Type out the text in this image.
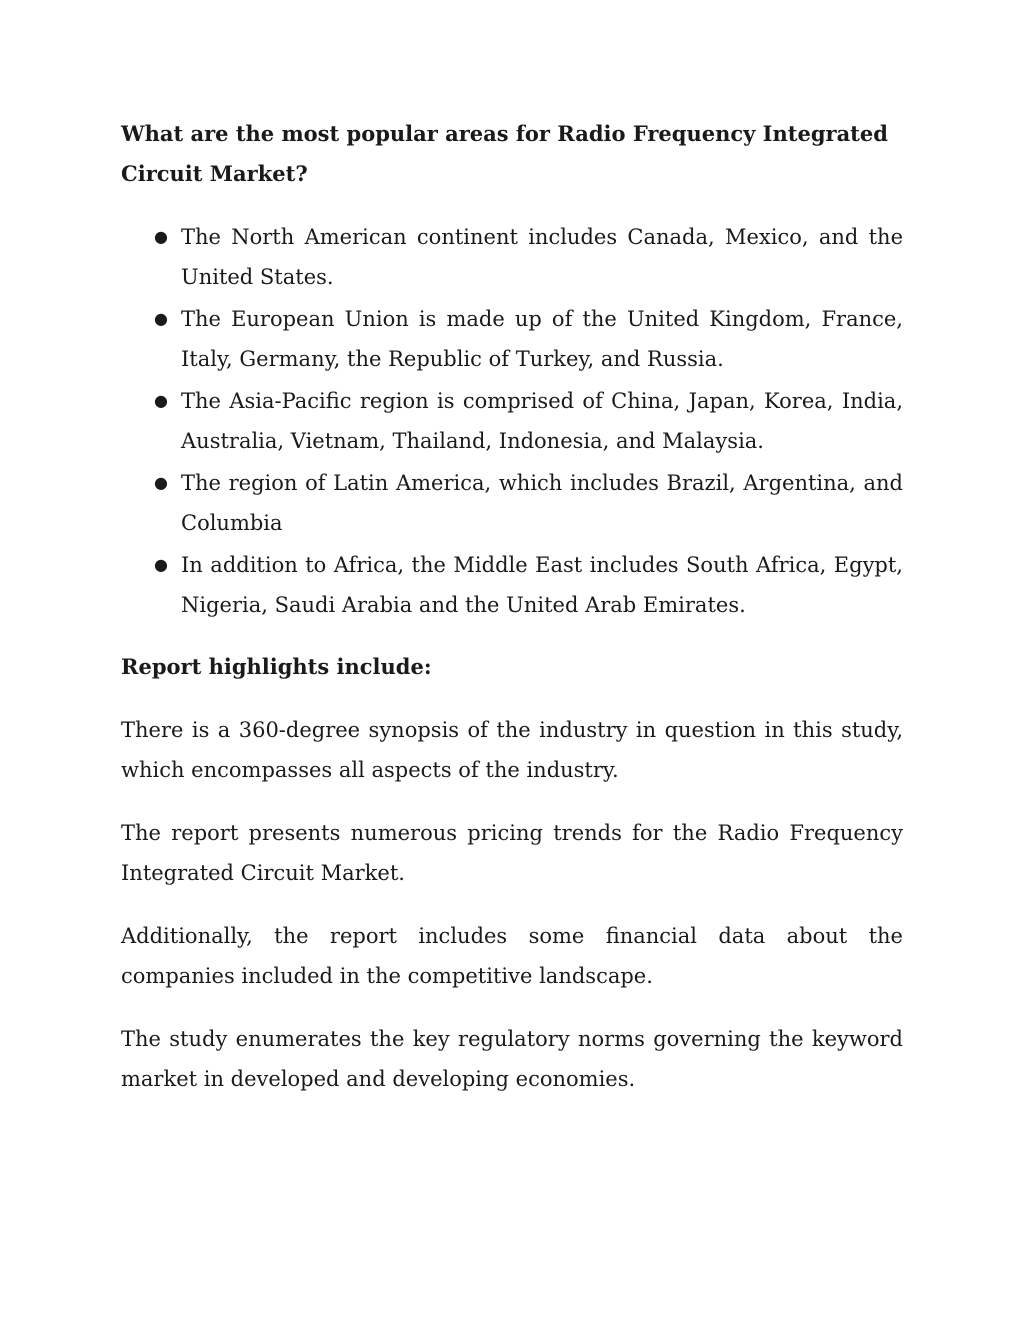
What are the most popular areas for Radio Frequency Integrated Circuit Market?
● The North American continent includes Canada, Mexico, and the United States.
● The European Union is made up of the United Kingdom, France, Italy, Germany, the Republic of Turkey, and Russia.
● The Asia-Pacific region is comprised of China, Japan, Korea, India, Australia, Vietnam, Thailand, Indonesia, and Malaysia.
● The region of Latin America, which includes Brazil, Argentina, and Columbia
● In addition to Africa, the Middle East includes South Africa, Egypt, Nigeria, Saudi Arabia and the United Arab Emirates.
Report highlights include:

There is a 360-degree synopsis of the industry in question in this study, which encompasses all aspects of the industry.

The report presents numerous pricing trends for the Radio Frequency Integrated Circuit Market.

Additionally, the report includes some financial data about the companies included in the competitive landscape.

The study enumerates the key regulatory norms governing the keyword market in developed and developing economies.
